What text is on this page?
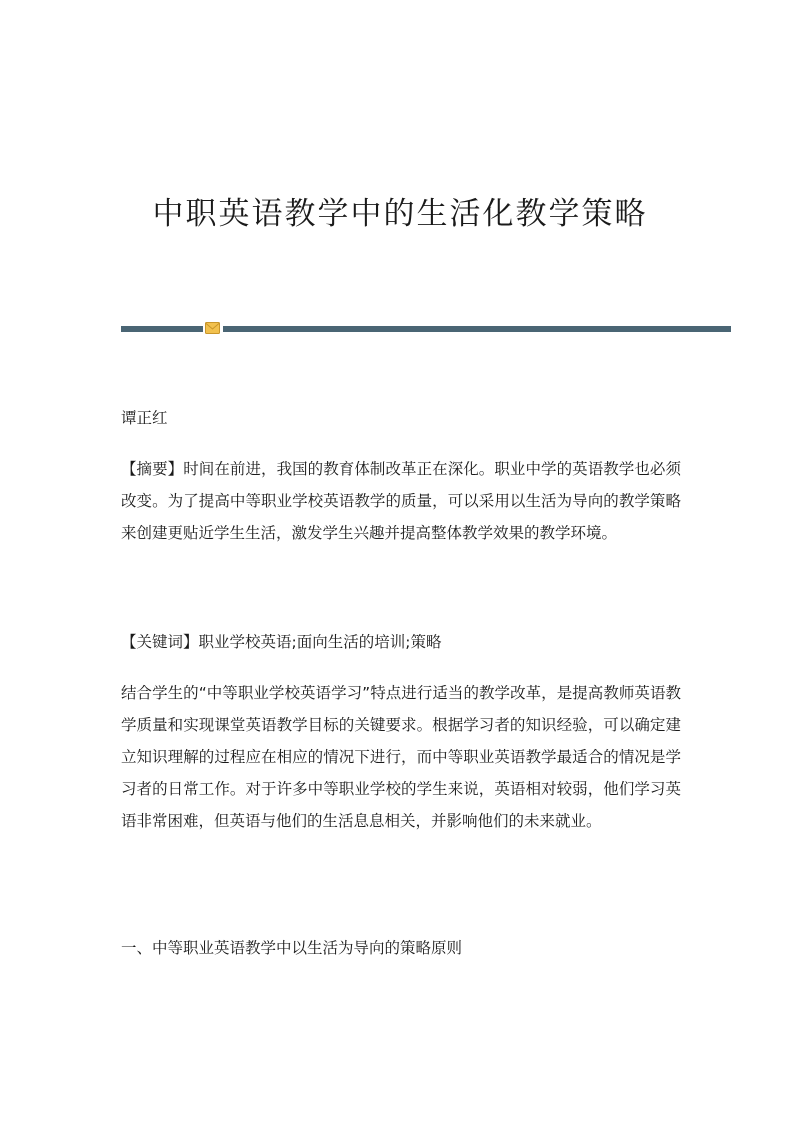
中职英语教学中的生活化教学策略
谭正红
【摘要】时间在前进，我国的教育体制改革正在深化。职业中学的英语教学也必须改变。为了提高中等职业学校英语教学的质量，可以采用以生活为导向的教学策略来创建更贴近学生生活，激发学生兴趣并提高整体教学效果的教学环境。
【关键词】职业学校英语;面向生活的培训;策略
结合学生的“中等职业学校英语学习”特点进行适当的教学改革，是提高教师英语教学质量和实现课堂英语教学目标的关键要求。根据学习者的知识经验，可以确定建立知识理解的过程应在相应的情况下进行，而中等职业英语教学最适合的情况是学习者的日常工作。对于许多中等职业学校的学生来说，英语相对较弱，他们学习英语非常困难，但英语与他们的生活息息相关，并影响他们的未来就业。
一、中等职业英语教学中以生活为导向的策略原则
